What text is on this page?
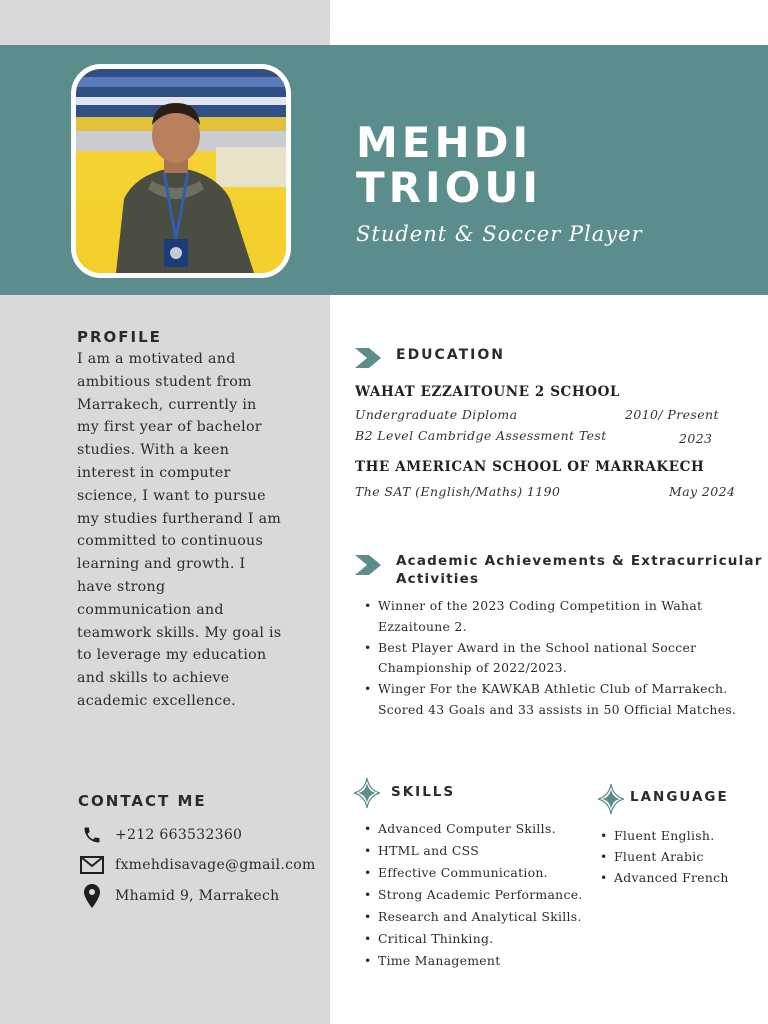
MEHDI
TRIOUI
Student & Soccer Player
PROFILE
I am a motivated and ambitious student from Marrakech, currently in my first year of bachelor studies. With a keen interest in computer science, I want to pursue my studies furtherand I am committed to continuous learning and growth. I have strong communication and teamwork skills. My goal is to leverage my education and skills to achieve academic excellence.
CONTACT ME
+212 663532360
fxmehdisavage@gmail.com
Mhamid 9, Marrakech
EDUCATION
WAHAT EZZAITOUNE 2 SCHOOL
Undergraduate Diploma	2010/ Present
B2 Level Cambridge Assessment Test	2023
THE AMERICAN SCHOOL OF MARRAKECH
The SAT (English/Maths) 1190	May 2024
Academic Achievements & Extracurricular Activities
• Winner of the 2023 Coding Competition in Wahat Ezzaitoune 2.
• Best Player Award in the School national Soccer Championship of 2022/2023.
• Winger For the KAWKAB Athletic Club of Marrakech. Scored 43 Goals and 33 assists in 50 Official Matches.
SKILLS
• Advanced Computer Skills.
• HTML and CSS
• Effective Communication.
• Strong Academic Performance.
• Research and Analytical Skills.
• Critical Thinking.
• Time Management
LANGUAGE
• Fluent English.
• Fluent Arabic
• Advanced French
